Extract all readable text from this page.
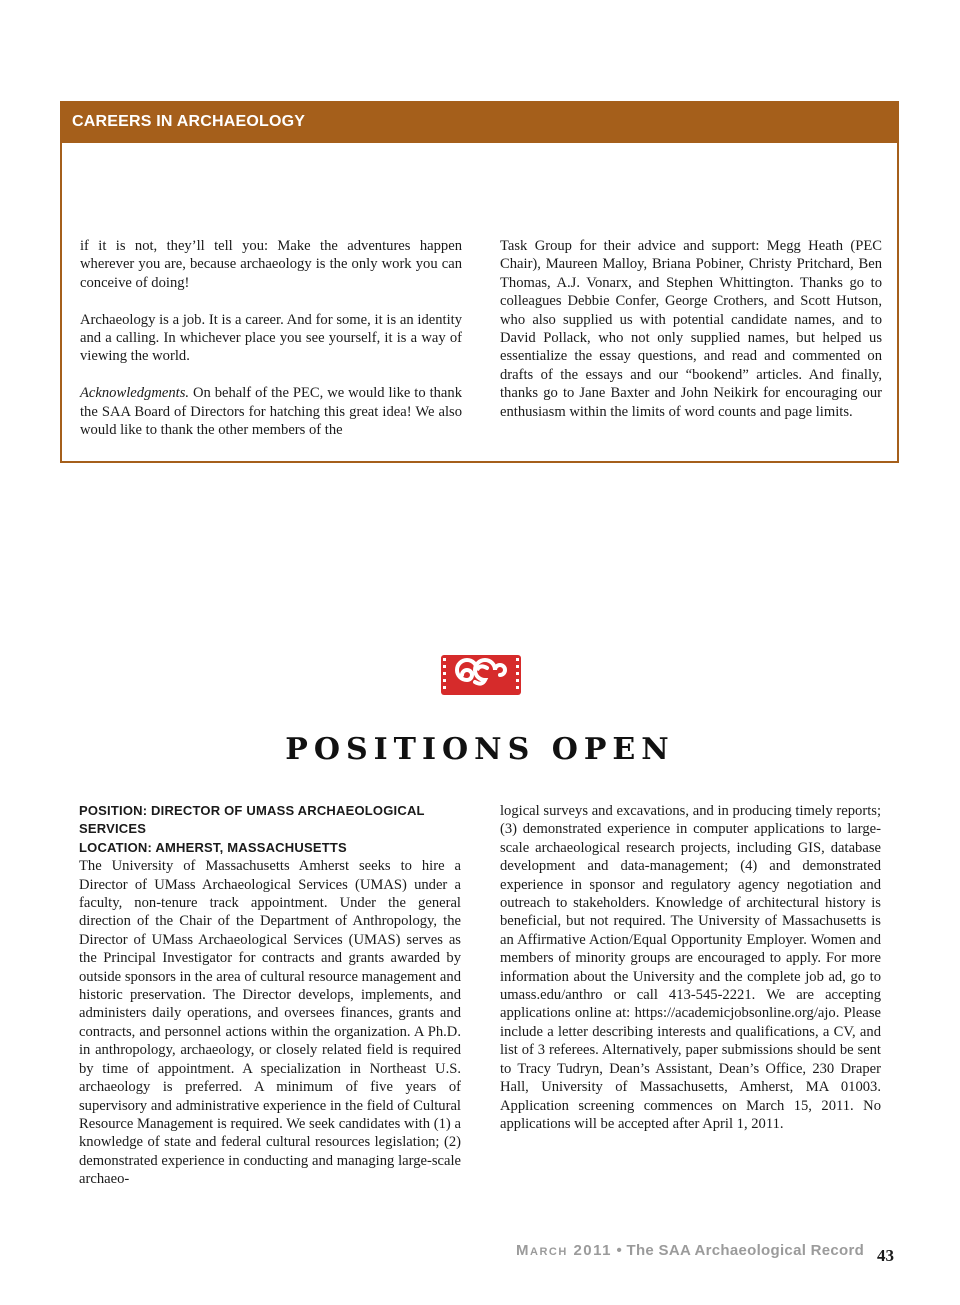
CAREERS IN ARCHAEOLOGY

if it is not, they’ll tell you: Make the adventures happen wherever you are, because archaeology is the only work you can conceive of doing!

Archaeology is a job. It is a career. And for some, it is an identity and a calling. In whichever place you see yourself, it is a way of viewing the world.

Acknowledgments. On behalf of the PEC, we would like to thank the SAA Board of Directors for hatching this great idea! We also would like to thank the other members of the

Task Group for their advice and support: Megg Heath (PEC Chair), Maureen Malloy, Briana Pobiner, Christy Pritchard, Ben Thomas, A.J. Vonarx, and Stephen Whittington. Thanks go to colleagues Debbie Confer, George Crothers, and Scott Hutson, who also supplied us with potential candidate names, and to David Pollack, who not only supplied names, but helped us essentialize the essay questions, and read and commented on drafts of the essays and our “bookend” articles. And finally, thanks go to Jane Baxter and John Neikirk for encouraging our enthusiasm within the limits of word counts and page limits.

POSITIONS OPEN
POSITION: DIRECTOR OF UMASS ARCHAEOLOGICAL SERVICES
LOCATION: AMHERST, MASSACHUSETTS
The University of Massachusetts Amherst seeks to hire a Director of UMass Archaeological Services (UMAS) under a faculty, non-tenure track appointment. Under the general direction of the Chair of the Department of Anthropology, the Director of UMass Archaeological Services (UMAS) serves as the Principal Investigator for contracts and grants awarded by outside sponsors in the area of cultural resource management and historic preservation. The Director develops, implements, and administers daily operations, and oversees finances, grants and contracts, and personnel actions within the organization. A Ph.D. in anthropology, archaeology, or closely related field is required by time of appointment. A specialization in Northeast U.S. archaeology is preferred. A minimum of five years of supervisory and administrative experience in the field of Cultural Resource Management is required. We seek candidates with (1) a knowledge of state and federal cultural resources legislation; (2) demonstrated experience in conducting and managing large-scale archaeo-
logical surveys and excavations, and in producing timely reports; (3) demonstrated experience in computer applications to large-scale archaeological research projects, including GIS, database development and data-management; (4) and demonstrated experience in sponsor and regulatory agency negotiation and outreach to stakeholders. Knowledge of architectural history is beneficial, but not required. The University of Massachusetts is an Affirmative Action/Equal Opportunity Employer. Women and members of minority groups are encouraged to apply. For more information about the University and the complete job ad, go to umass.edu/anthro or call 413-545-2221. We are accepting applications online at: https://academicjobsonline.org/ajo. Please include a letter describing interests and qualifications, a CV, and list of 3 referees. Alternatively, paper submissions should be sent to Tracy Tudryn, Dean’s Assistant, Dean’s Office, 230 Draper Hall, University of Massachusetts, Amherst, MA 01003. Application screening commences on March 15, 2011. No applications will be accepted after April 1, 2011.
March 2011 • The SAA Archaeological Record 43
